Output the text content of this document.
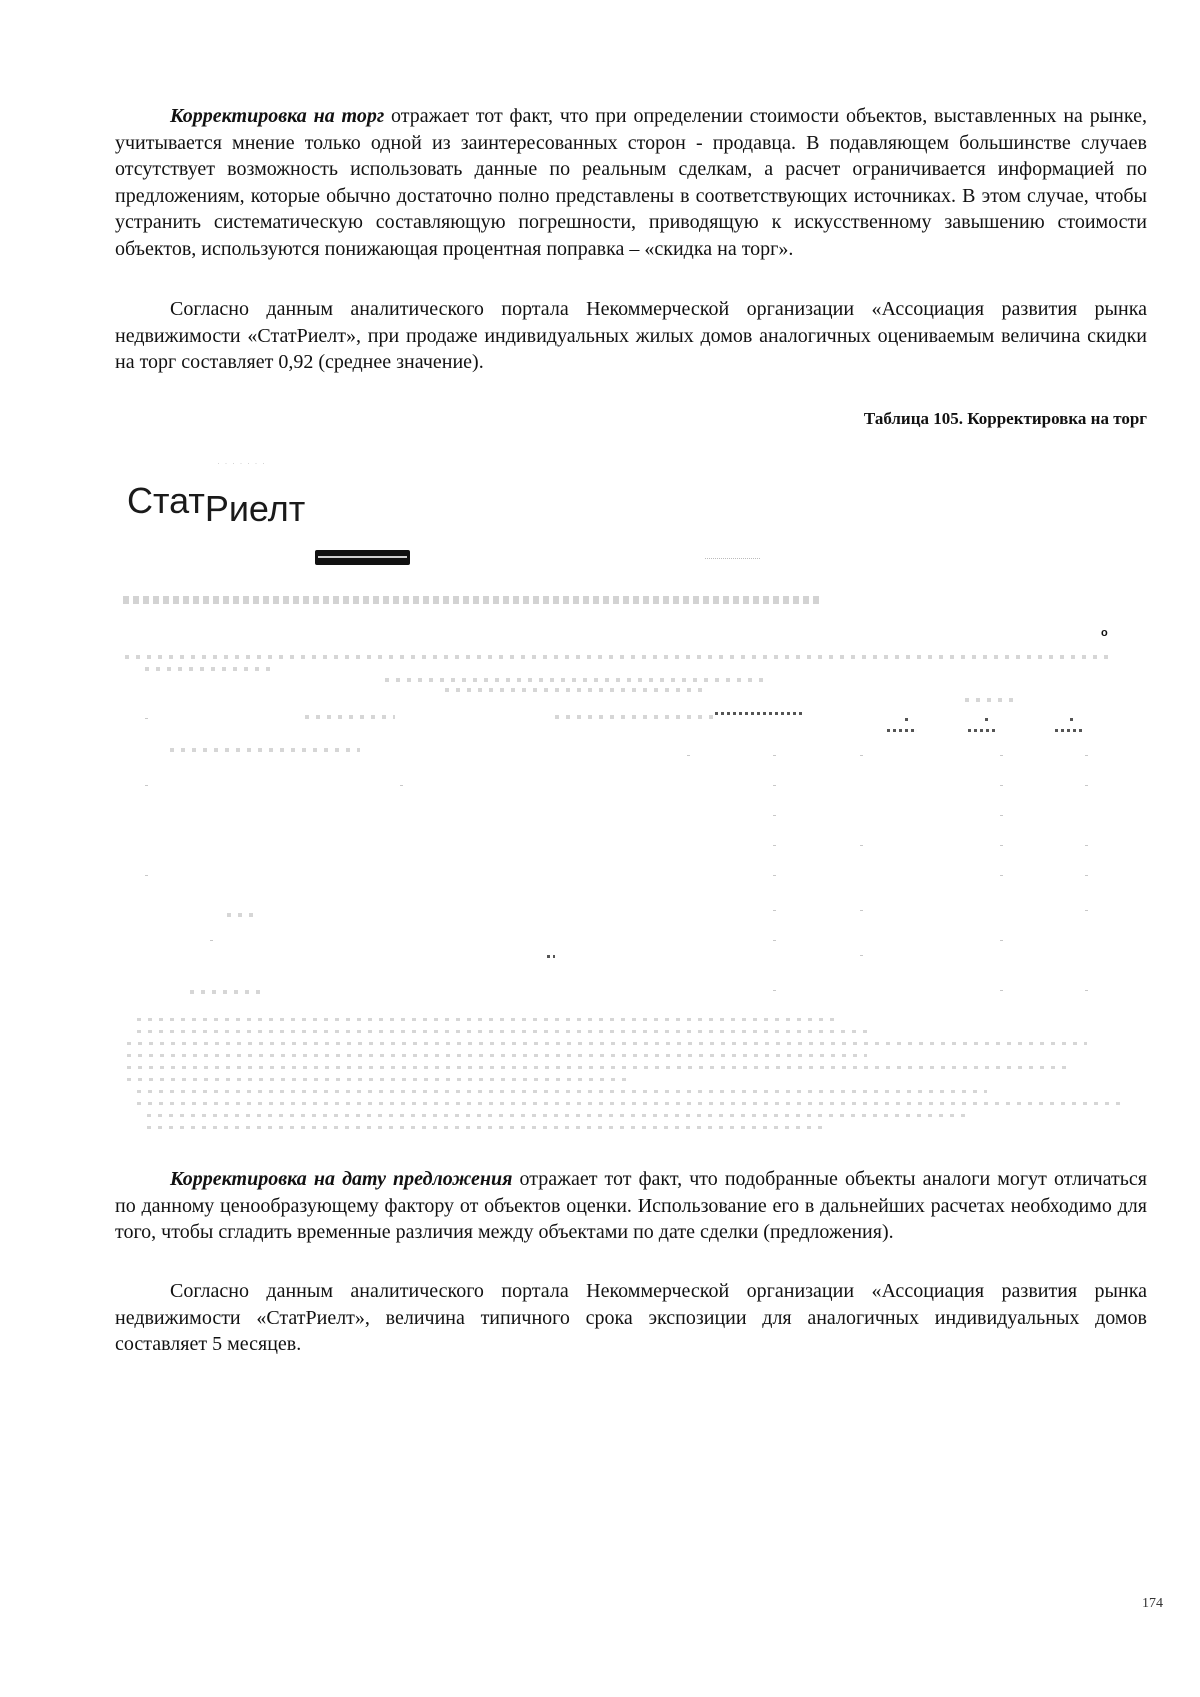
Корректировка на торг отражает тот факт, что при определении стоимости объектов, выставленных на рынке, учитывается мнение только одной из заинтересованных сторон - продавца. В подавляющем большинстве случаев отсутствует возможность использовать данные по реальным сделкам, а расчет ограничивается информацией по предложениям, которые обычно достаточно полно представлены в соответствующих источниках. В этом случае, чтобы устранить систематическую составляющую погрешности, приводящую к искусственному завышению стоимости объектов, используются понижающая процентная поправка – «скидка на торг».

Согласно данным аналитического портала Некоммерческой организации «Ассоциация развития рынка недвижимости «СтатРиелт», при продаже индивидуальных жилых домов аналогичных оцениваемым величина скидки на торг составляет 0,92 (среднее значение).

Таблица 105. Корректировка на торг
· · · · · · ·
СтатРиелт
о

Корректировка на дату предложения отражает тот факт, что подобранные объекты аналоги могут отличаться по данному ценообразующему фактору от объектов оценки. Использование его в дальнейших расчетах необходимо для того, чтобы сгладить временные различия между объектами по дате сделки (предложения).

Согласно данным аналитического портала Некоммерческой организации «Ассоциация развития рынка недвижимости «СтатРиелт», величина типичного срока экспозиции для аналогичных индивидуальных домов составляет 5 месяцев.

174
